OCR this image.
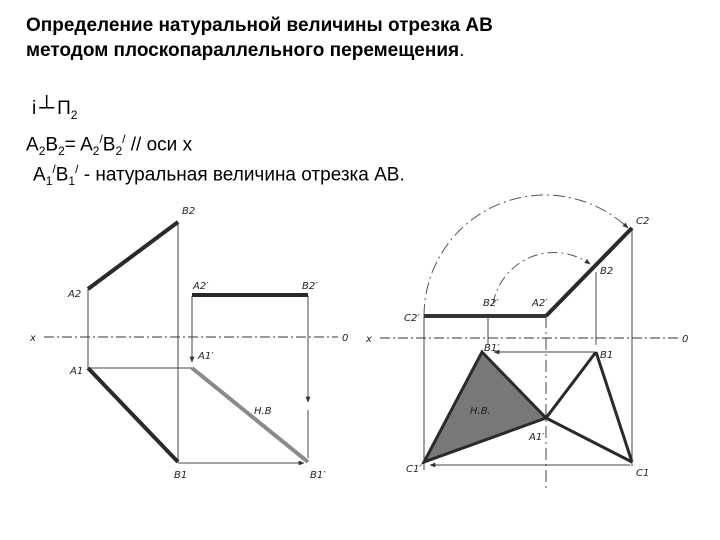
Определение натуральной величины отрезка АВ
методом плоскопараллельного перемещения.
i ┴ $П_2$
$A_2B_2= A_2^/B_2^/$ // оси х
$A_1^/B_1^/$ - натуральная величина отрезка АВ.
x	0
B2
A2
A2′	B2′
A1′
A1
B1	B1′
Н.В
x	0
C2
B2
B2′	A2′
C2′
B1′
B1
A1′
C1′	C1
Н.В.
